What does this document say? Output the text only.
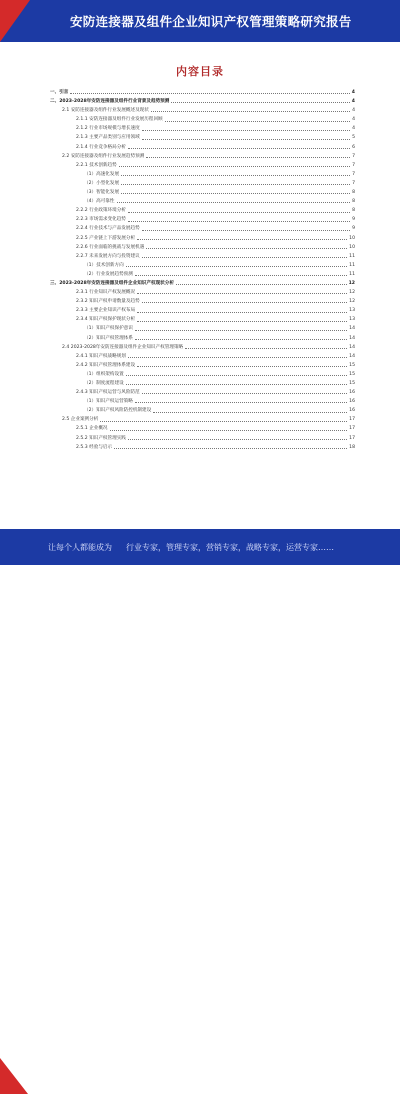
安防连接器及组件企业知识产权管理策略研究报告
内容目录
一、引言	4
二、2023-2028年安防连接器及组件行业背景及趋势预测	4
2.1 安防连接器及组件行业发展概述及现状	4
2.1.1 安防连接器及组件行业发展历程回顾	4
2.1.2 行业市场规模与增长速度	4
2.1.3 主要产品类别与应用领域	5
2.1.4 行业竞争格局分析	6
2.2 安防连接器及组件行业发展趋势预测	7
2.2.1 技术创新趋势	7
（1）高速化发展	7
（2）小型化发展	7
（3）智能化发展	8
（4）高可靠性	8
2.2.2 行业政策环境分析	8
2.2.3 市场需求变化趋势	9
2.2.4 行业技术与产品发展趋势	9
2.2.5 产业链上下游发展分析	10
2.2.6 行业面临的挑战与发展机遇	10
2.2.7 未来发展方向与投资建议	11
（1）技术创新方向	11
（2）行业发展趋势预测	11
三、2023-2028年安防连接器及组件企业知识产权现状分析	12
2.3.1 行业知识产权发展概况	12
2.3.2 知识产权申请数量及趋势	12
2.3.3 主要企业知识产权布局	13
2.3.4 知识产权保护现状分析	13
（1）知识产权保护意识	14
（2）知识产权管理体系	14
2.4 2023-2028年安防连接器及组件企业知识产权管理策略	14
2.4.1 知识产权战略规划	14
2.4.2 知识产权管理体系建设	15
（1）组织架构设置	15
（2）制度流程建设	15
2.4.3 知识产权运营与风险防范	16
（1）知识产权运营策略	16
（2）知识产权风险防控机制建设	16
2.5 企业案例分析	17
2.5.1 企业概况	17
2.5.2 知识产权管理实践	17
2.5.3 经验与启示	18
让每个人都能成为 行业专家，管理专家，营销专家，战略专家，运营专家……
